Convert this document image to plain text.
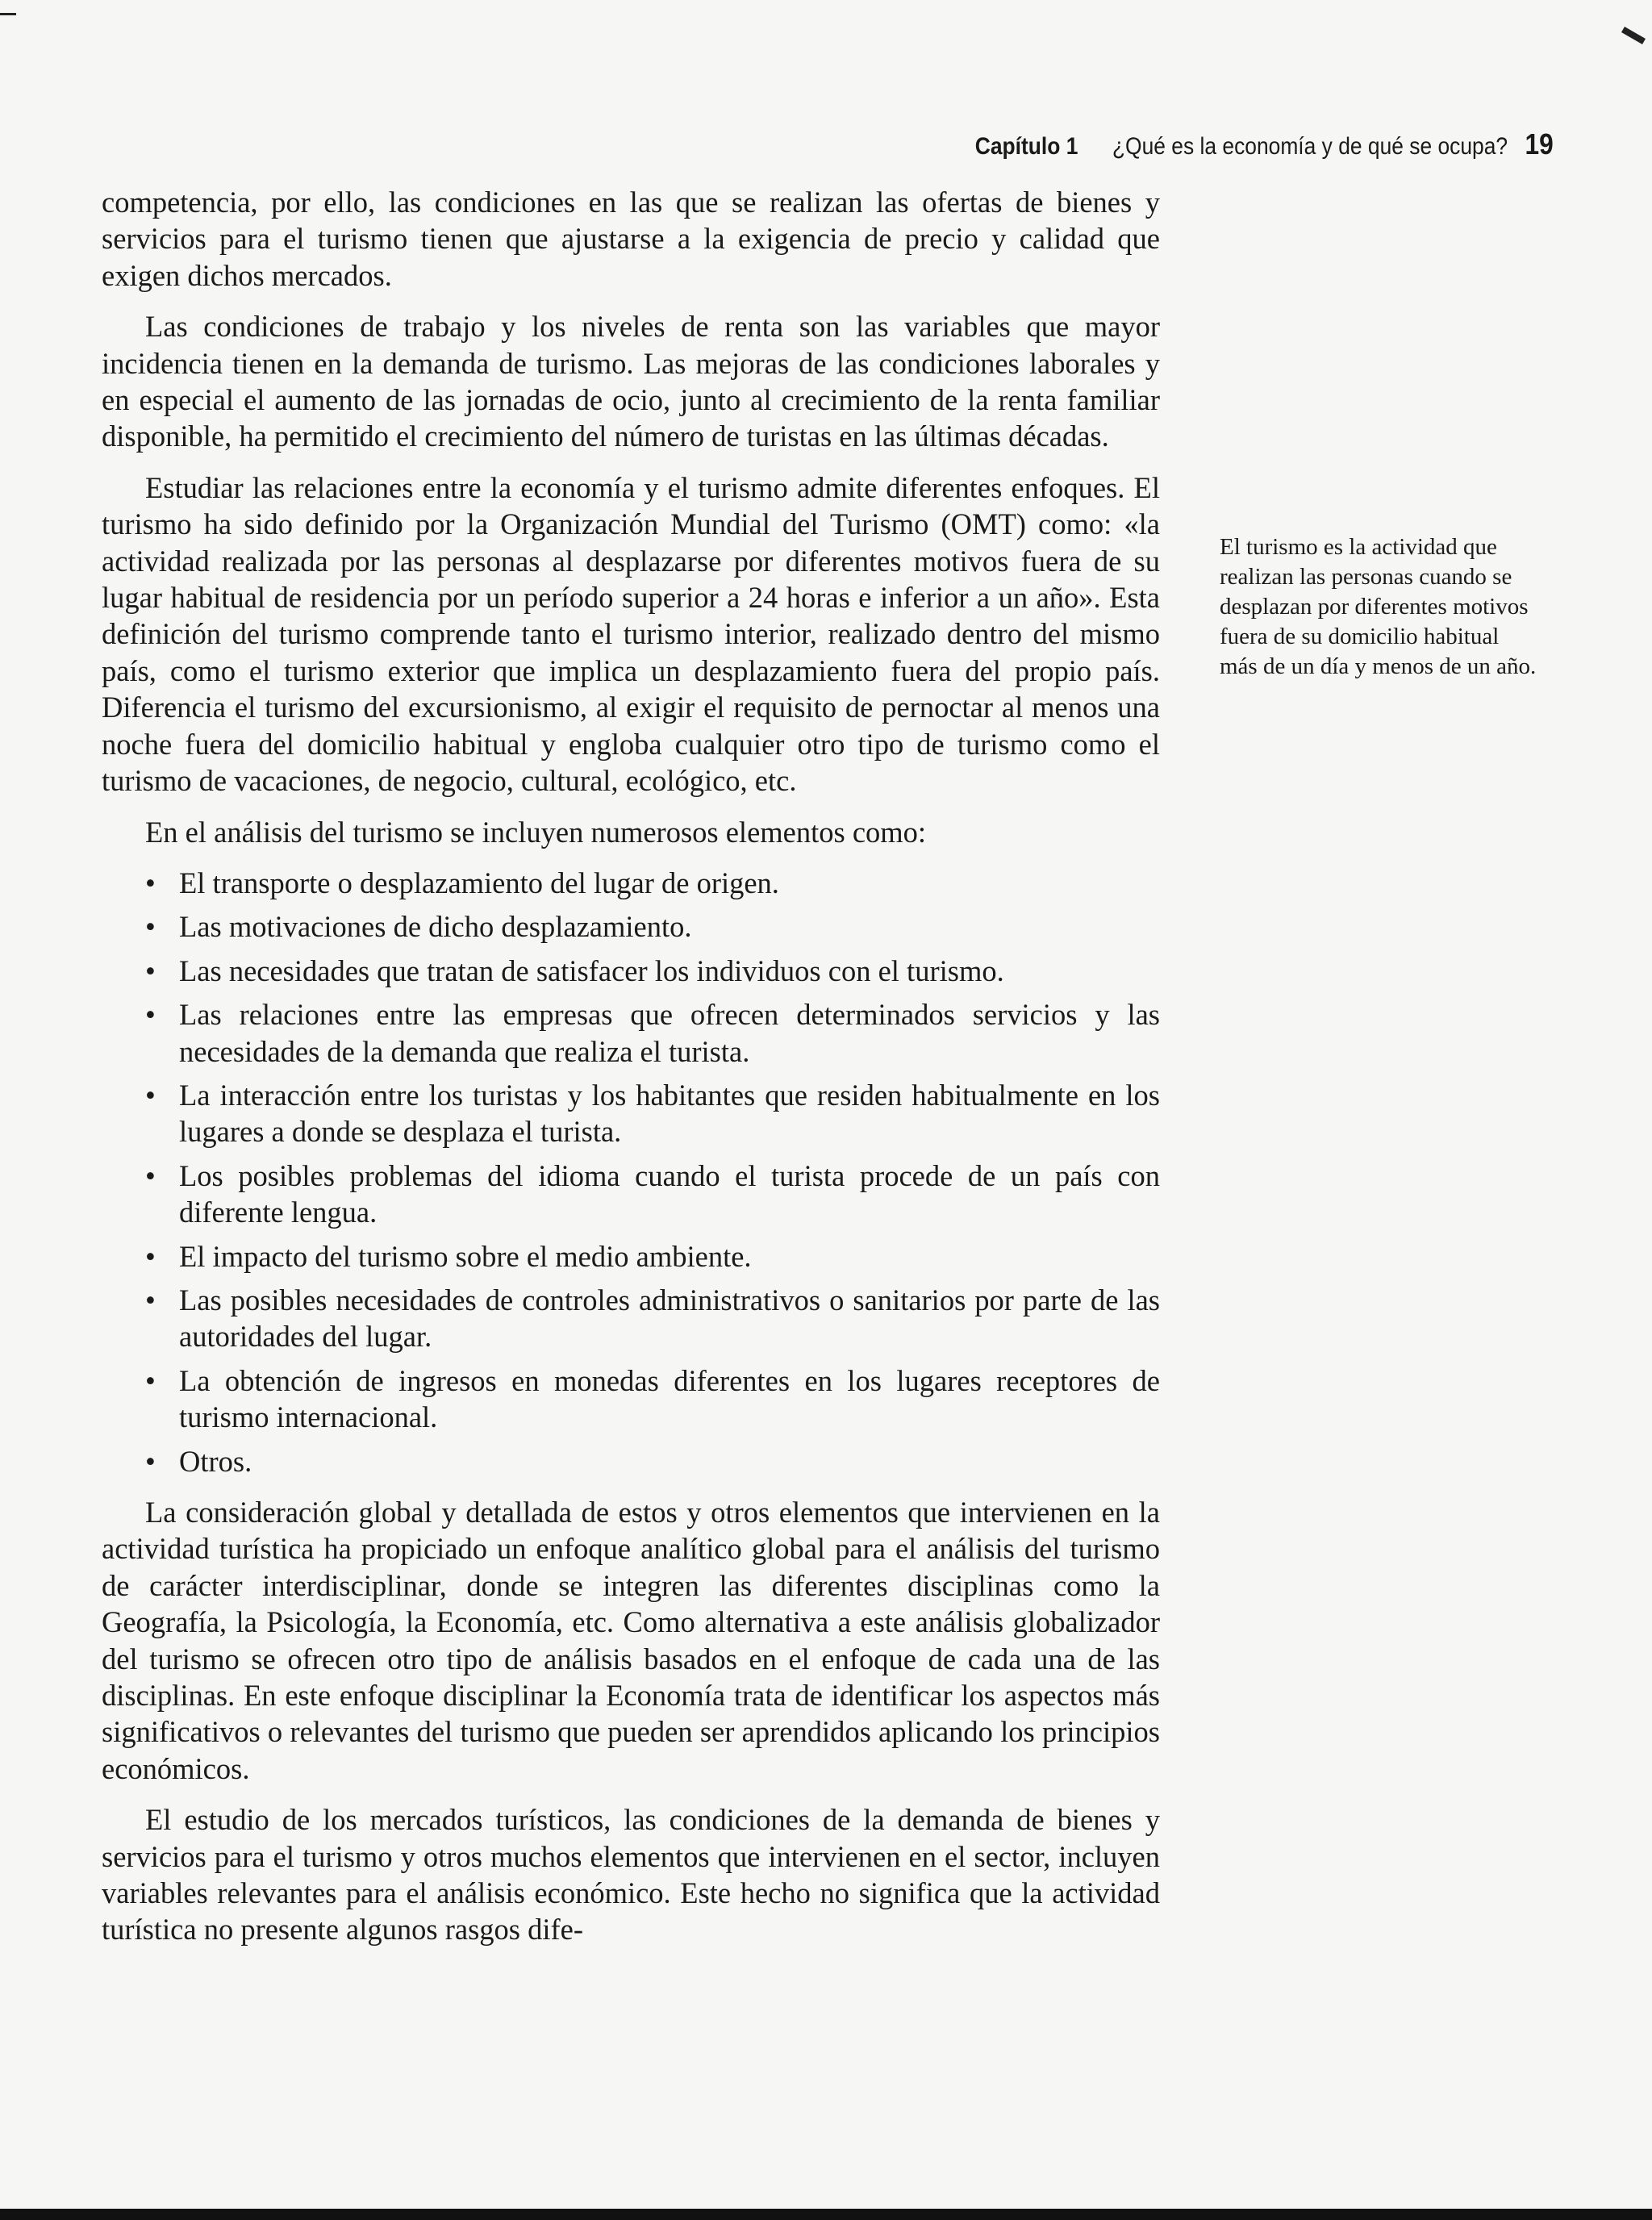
Capítulo 1 ¿Qué es la economía y de qué se ocupa? 19

competencia, por ello, las condiciones en las que se realizan las ofertas de bienes y servicios para el turismo tienen que ajustarse a la exigencia de precio y calidad que exigen dichos mercados.

Las condiciones de trabajo y los niveles de renta son las variables que mayor incidencia tienen en la demanda de turismo. Las mejoras de las condiciones laborales y en especial el aumento de las jornadas de ocio, junto al crecimiento de la renta familiar disponible, ha permitido el crecimiento del número de turistas en las últimas décadas.

Estudiar las relaciones entre la economía y el turismo admite diferentes enfoques. El turismo ha sido definido por la Organización Mundial del Turismo (OMT) como: «la actividad realizada por las personas al desplazarse por diferentes motivos fuera de su lugar habitual de residencia por un período superior a 24 horas e inferior a un año». Esta definición del turismo comprende tanto el turismo interior, realizado dentro del mismo país, como el turismo exterior que implica un desplazamiento fuera del propio país. Diferencia el turismo del excursionismo, al exigir el requisito de pernoctar al menos una noche fuera del domicilio habitual y engloba cualquier otro tipo de turismo como el turismo de vacaciones, de negocio, cultural, ecológico, etc.

En el análisis del turismo se incluyen numerosos elementos como:

• El transporte o desplazamiento del lugar de origen.
• Las motivaciones de dicho desplazamiento.
• Las necesidades que tratan de satisfacer los individuos con el turismo.
• Las relaciones entre las empresas que ofrecen determinados servicios y las necesidades de la demanda que realiza el turista.
• La interacción entre los turistas y los habitantes que residen habitualmente en los lugares a donde se desplaza el turista.
• Los posibles problemas del idioma cuando el turista procede de un país con diferente lengua.
• El impacto del turismo sobre el medio ambiente.
• Las posibles necesidades de controles administrativos o sanitarios por parte de las autoridades del lugar.
• La obtención de ingresos en monedas diferentes en los lugares receptores de turismo internacional.
• Otros.

La consideración global y detallada de estos y otros elementos que intervienen en la actividad turística ha propiciado un enfoque analítico global para el análisis del turismo de carácter interdisciplinar, donde se integren las diferentes disciplinas como la Geografía, la Psicología, la Economía, etc. Como alternativa a este análisis globalizador del turismo se ofrecen otro tipo de análisis basados en el enfoque de cada una de las disciplinas. En este enfoque disciplinar la Economía trata de identificar los aspectos más significativos o relevantes del turismo que pueden ser aprendidos aplicando los principios económicos.

El estudio de los mercados turísticos, las condiciones de la demanda de bienes y servicios para el turismo y otros muchos elementos que intervienen en el sector, incluyen variables relevantes para el análisis económico. Este hecho no significa que la actividad turística no presente algunos rasgos dife-

El turismo es la actividad que realizan las personas cuando se desplazan por diferentes motivos fuera de su domicilio habitual más de un día y menos de un año.
